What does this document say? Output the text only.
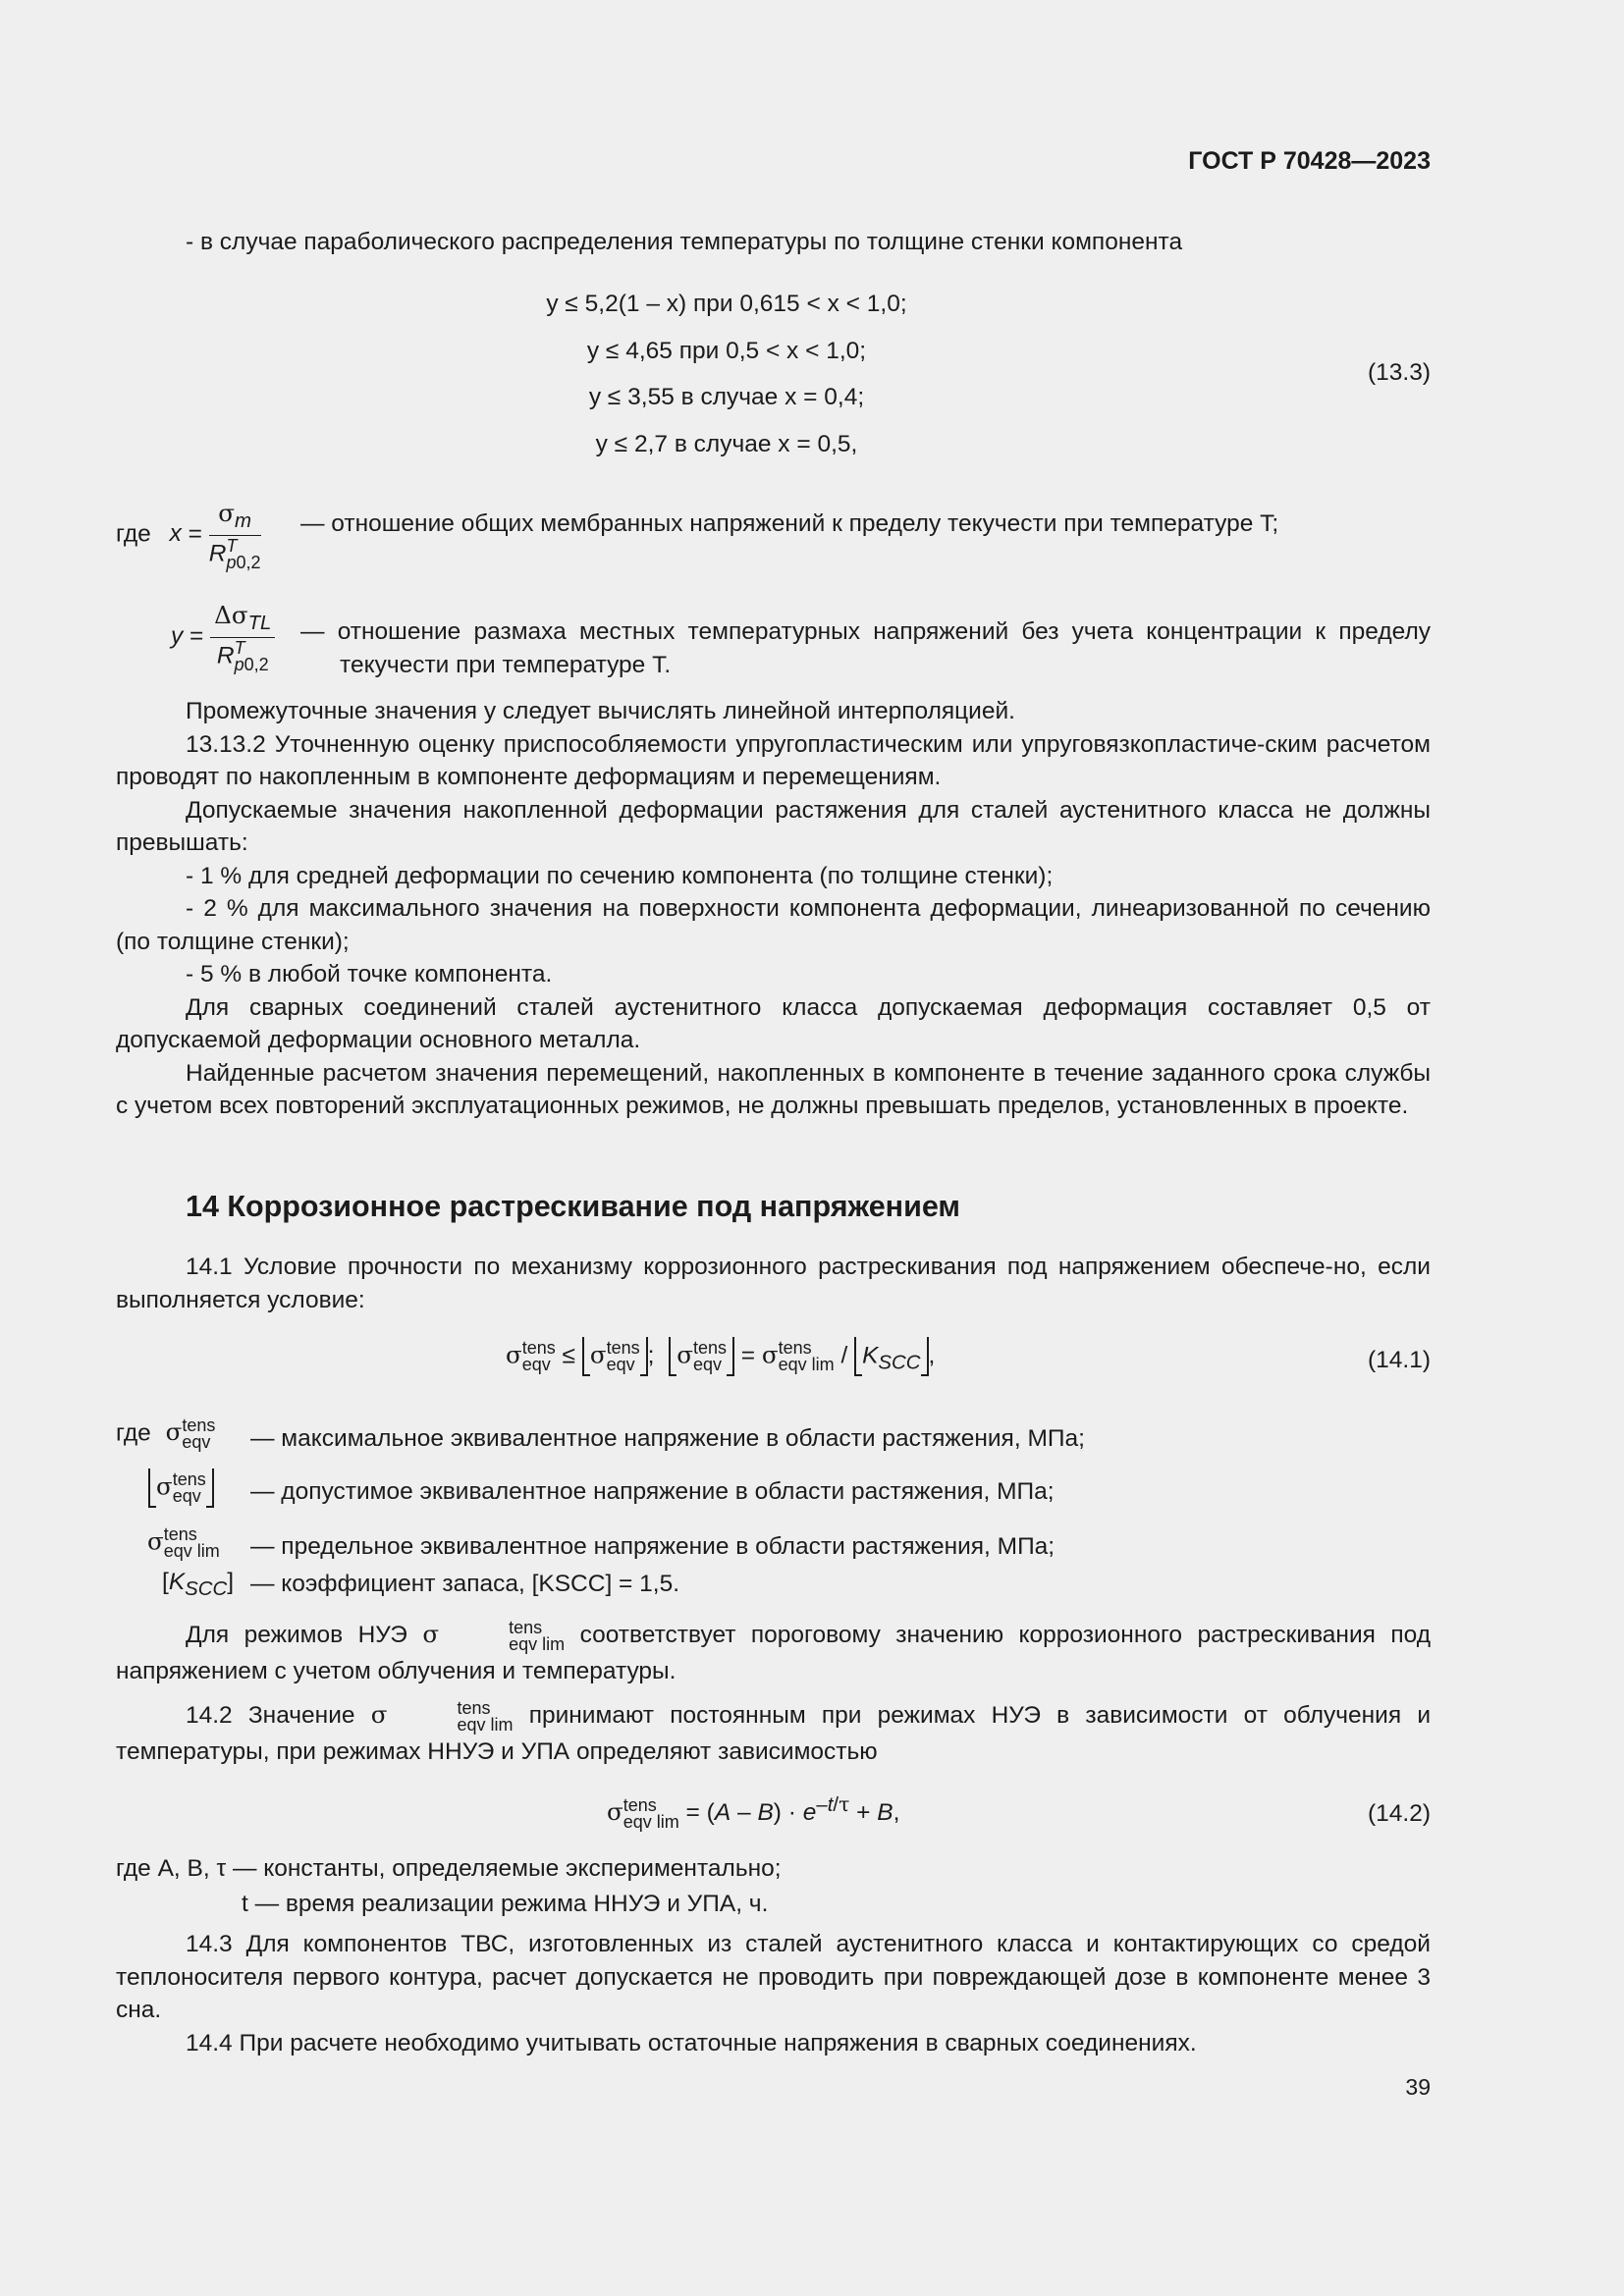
ГОСТ Р 70428—2023

- в случае параболического распределения температуры по толщине стенки компонента

y ≤ 5,2(1 – x) при 0,615 < x < 1,0;
y ≤ 4,65 при 0,5 < x < 1,0;
y ≤ 3,55 в случае x = 0,4;
y ≤ 2,7 в случае x = 0,5,
(13.3)
где $x = \sigma_m$
R T
p0,2 — отношение общих мембранных напряжений к пределу текучести при температуре T;
$y = \Delta\sigma_{TL}$
R T
p0,2 — отношение размаха местных температурных напряжений без учета концентрации к пределу текучести при температуре T.

Промежуточные значения y следует вычислять линейной интерполяцией.

13.13.2 Уточненную оценку приспособляемости упругопластическим или упруговязкопластиче-ским расчетом проводят по накопленным в компоненте деформациям и перемещениям.

Допускаемые значения накопленной деформации растяжения для сталей аустенитного класса не должны превышать:

- 1 % для средней деформации по сечению компонента (по толщине стенки);

- 2 % для максимального значения на поверхности компонента деформации, линеаризованной по сечению (по толщине стенки);

- 5 % в любой точке компонента.

Для сварных соединений сталей аустенитного класса допускаемая деформация составляет 0,5 от допускаемой деформации основного металла.

Найденные расчетом значения перемещений, накопленных в компоненте в течение заданного срока службы с учетом всех повторений эксплуатационных режимов, не должны превышать пределов, установленных в проекте.

14 Коррозионное растрескивание под напряжением

14.1 Условие прочности по механизму коррозионного растрескивания под напряжением обеспече-но, если выполняется условие:

σ tens
eqv ≤ σ tens
eqv ; σ tens
eqv = σ tens
eqv lim / $K_{SCC}$ ,	(14.1)
где σ tens
eqv — максимальное эквивалентное напряжение в области растяжения, МПа;
σ tens
eqv — допустимое эквивалентное напряжение в области растяжения, МПа;
σ tens
eqv lim — предельное эквивалентное напряжение в области растяжения, МПа;
$[K_{SCC}]$ — коэффициент запаса, [KSCC] = 1,5.

Для режимов НУЭ σ	tens
eqv lim соответствует пороговому значению коррозионного растрескивания под напряжением с учетом облучения и температуры.

14.2 Значение σ	tens
eqv lim принимают постоянным при режимах НУЭ в зависимости от облучения и температуры, при режимах ННУЭ и УПА определяют зависимостью

σ tens
eqv $\lim = (A - B) \cdot e^{-t/\tau} + B$,	(14.2)
где A, B, τ — константы, определяемые экспериментально;
t — время реализации режима ННУЭ и УПА, ч.

14.3 Для компонентов ТВС, изготовленных из сталей аустенитного класса и контактирующих со средой теплоносителя первого контура, расчет допускается не проводить при повреждающей дозе в компоненте менее 3 сна.

14.4 При расчете необходимо учитывать остаточные напряжения в сварных соединениях.

39
